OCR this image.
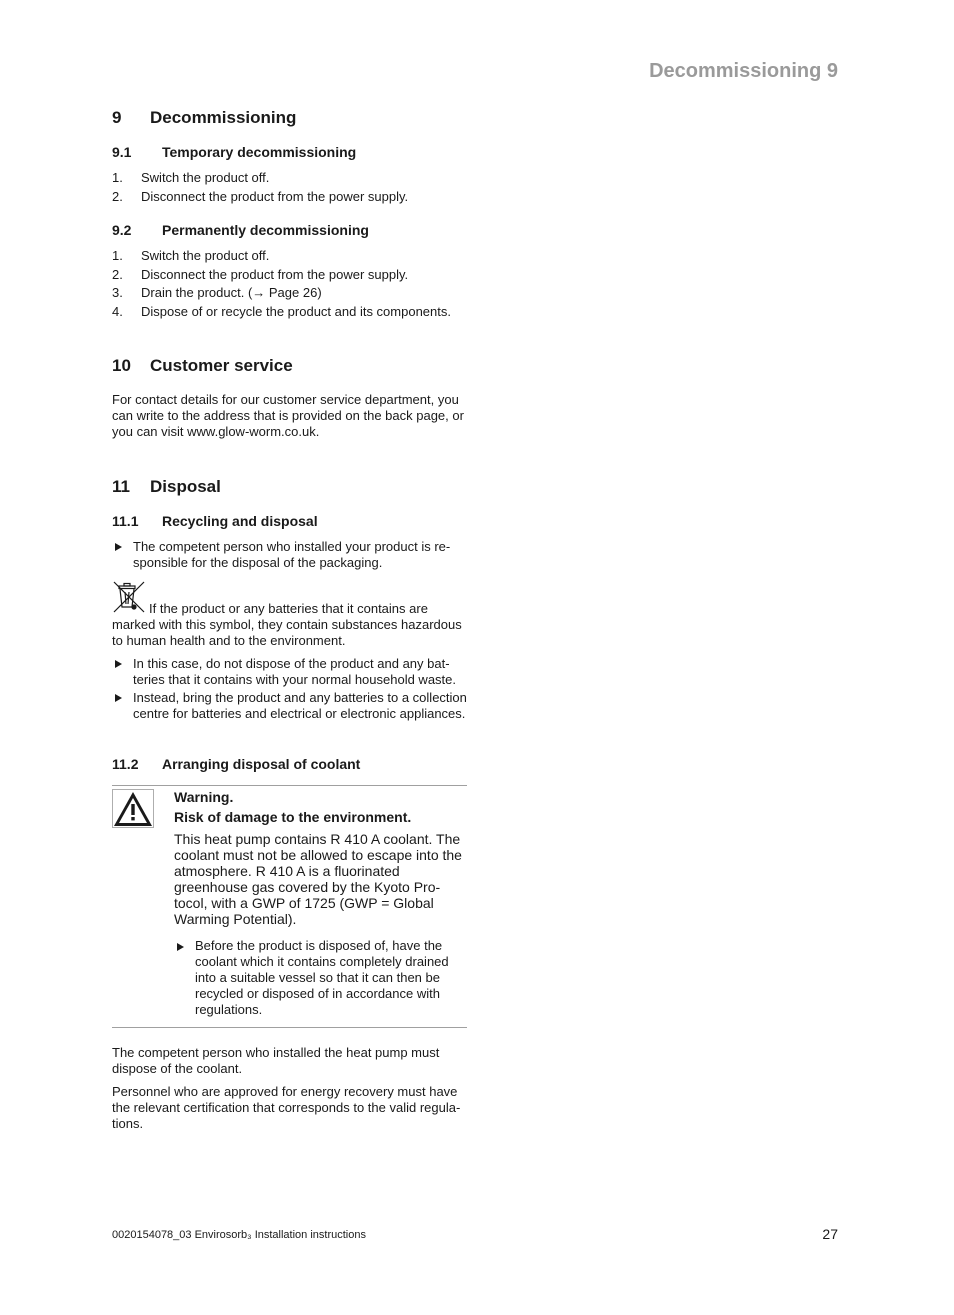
Decommissioning 9
9 Decommissioning
9.1 Temporary decommissioning
1. Switch the product off.
2. Disconnect the product from the power supply.
9.2 Permanently decommissioning
1. Switch the product off.
2. Disconnect the product from the power supply.
3. Drain the product. (→ Page 26)
4. Dispose of or recycle the product and its components.
10 Customer service
For contact details for our customer service department, you can write to the address that is provided on the back page, or you can visit www.glow-worm.co.uk.
11 Disposal
11.1 Recycling and disposal
The competent person who installed your product is responsible for the disposal of the packaging.
If the product or any batteries that it contains are marked with this symbol, they contain substances hazardous to human health and to the environment.
In this case, do not dispose of the product and any batteries that it contains with your normal household waste.
Instead, bring the product and any batteries to a collection centre for batteries and electrical or electronic appliances.
11.2 Arranging disposal of coolant
Warning.
Risk of damage to the environment.
This heat pump contains R 410 A coolant. The coolant must not be allowed to escape into the atmosphere. R 410 A is a fluorinated greenhouse gas covered by the Kyoto Protocol, with a GWP of 1725 (GWP = Global Warming Potential).
Before the product is disposed of, have the coolant which it contains completely drained into a suitable vessel so that it can then be recycled or disposed of in accordance with regulations.
The competent person who installed the heat pump must dispose of the coolant.
Personnel who are approved for energy recovery must have the relevant certification that corresponds to the valid regulations.
0020154078_03 Envirosorb₃ Installation instructions	27
